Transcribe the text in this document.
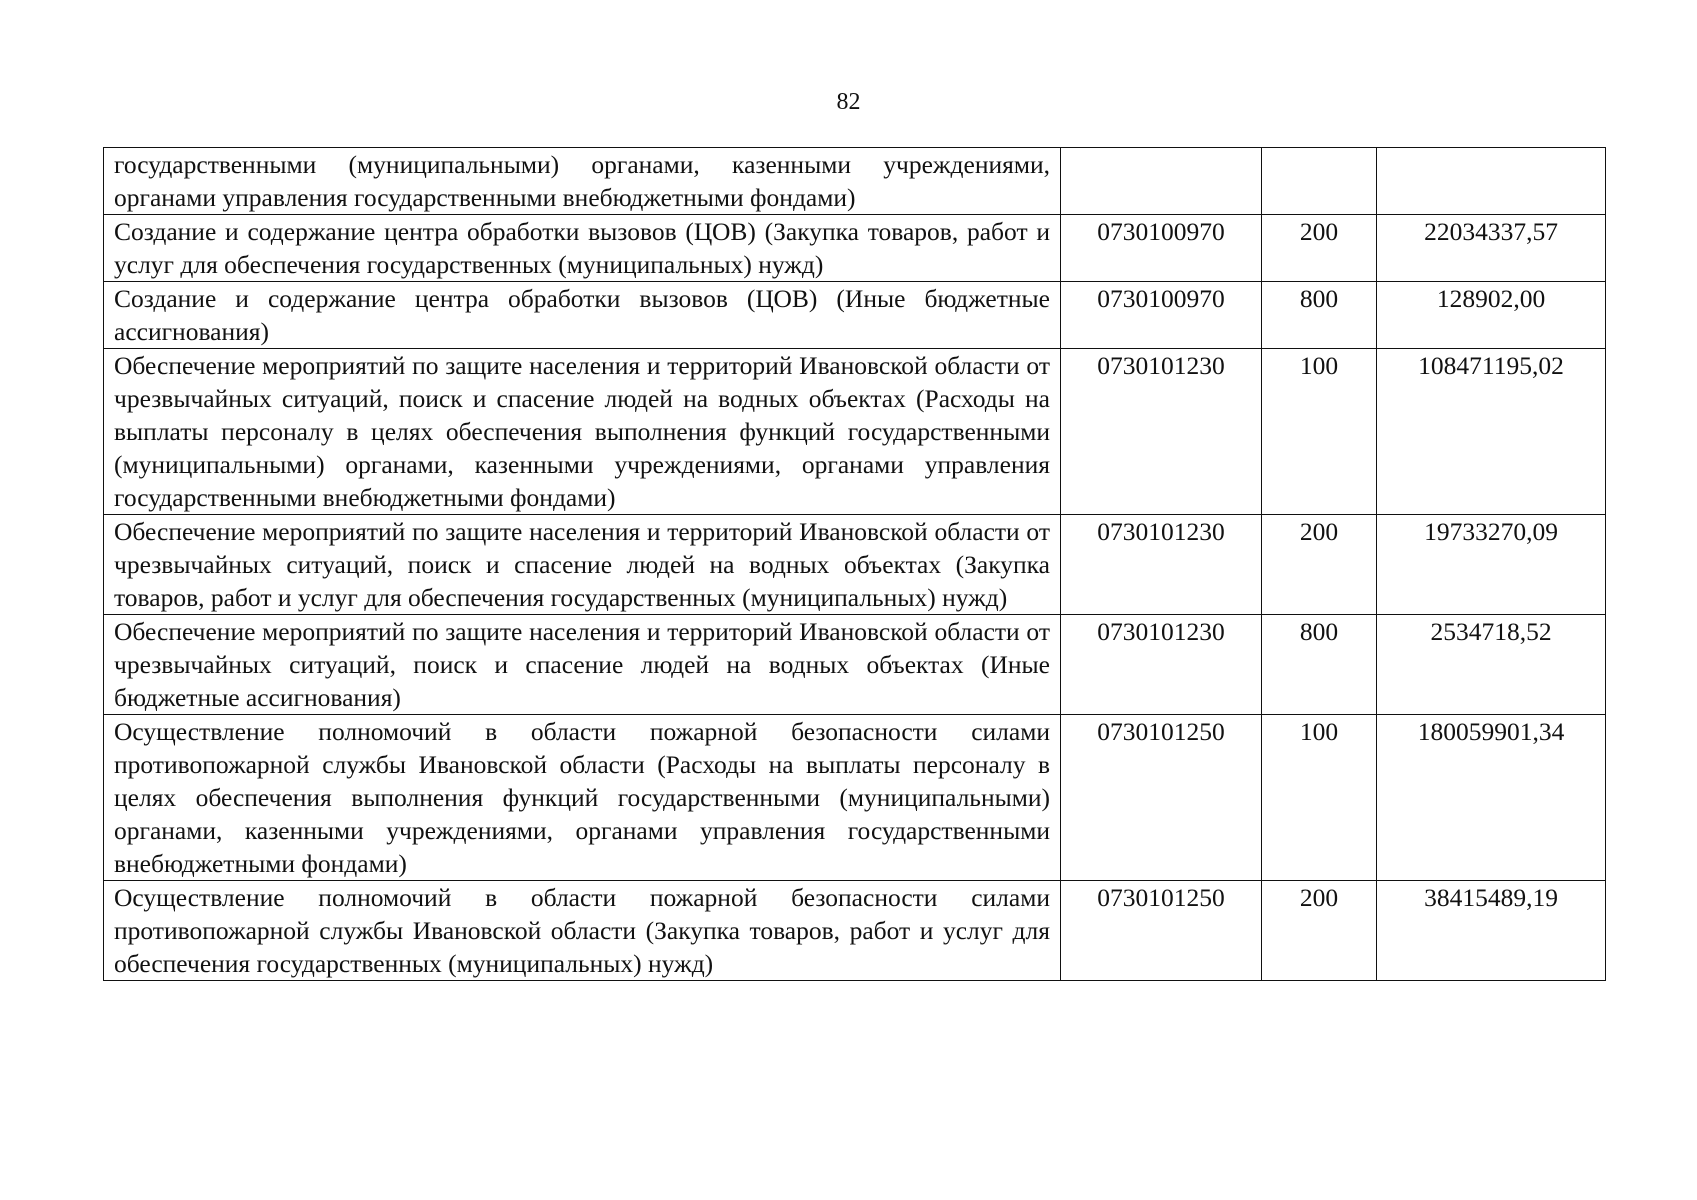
82
государственными (муниципальными) органами, казенными учреждениями, органами управления государственными внебюджетными фондами)			
Создание и содержание центра обработки вызовов (ЦОВ) (Закупка товаров, работ и услуг для обеспечения государственных (муниципальных) нужд)	0730100970	200	22034337,57
Создание и содержание центра обработки вызовов (ЦОВ) (Иные бюджетные ассигнования)	0730100970	800	128902,00
Обеспечение мероприятий по защите населения и территорий Ивановской области от чрезвычайных ситуаций, поиск и спасение людей на водных объектах (Расходы на выплаты персоналу в целях обеспечения выполнения функций государственными (муниципальными) органами, казенными учреждениями, органами управления государственными внебюджетными фондами)	0730101230	100	108471195,02
Обеспечение мероприятий по защите населения и территорий Ивановской области от чрезвычайных ситуаций, поиск и спасение людей на водных объектах (Закупка товаров, работ и услуг для обеспечения государственных (муниципальных) нужд)	0730101230	200	19733270,09
Обеспечение мероприятий по защите населения и территорий Ивановской области от чрезвычайных ситуаций, поиск и спасение людей на водных объектах (Иные бюджетные ассигнования)	0730101230	800	2534718,52
Осуществление полномочий в области пожарной безопасности силами противопожарной службы Ивановской области (Расходы на выплаты персоналу в целях обеспечения выполнения функций государственными (муниципальными) органами, казенными учреждениями, органами управления государственными внебюджетными фондами)	0730101250	100	180059901,34
Осуществление полномочий в области пожарной безопасности силами противопожарной службы Ивановской области (Закупка товаров, работ и услуг для обеспечения государственных (муниципальных) нужд)	0730101250	200	38415489,19
